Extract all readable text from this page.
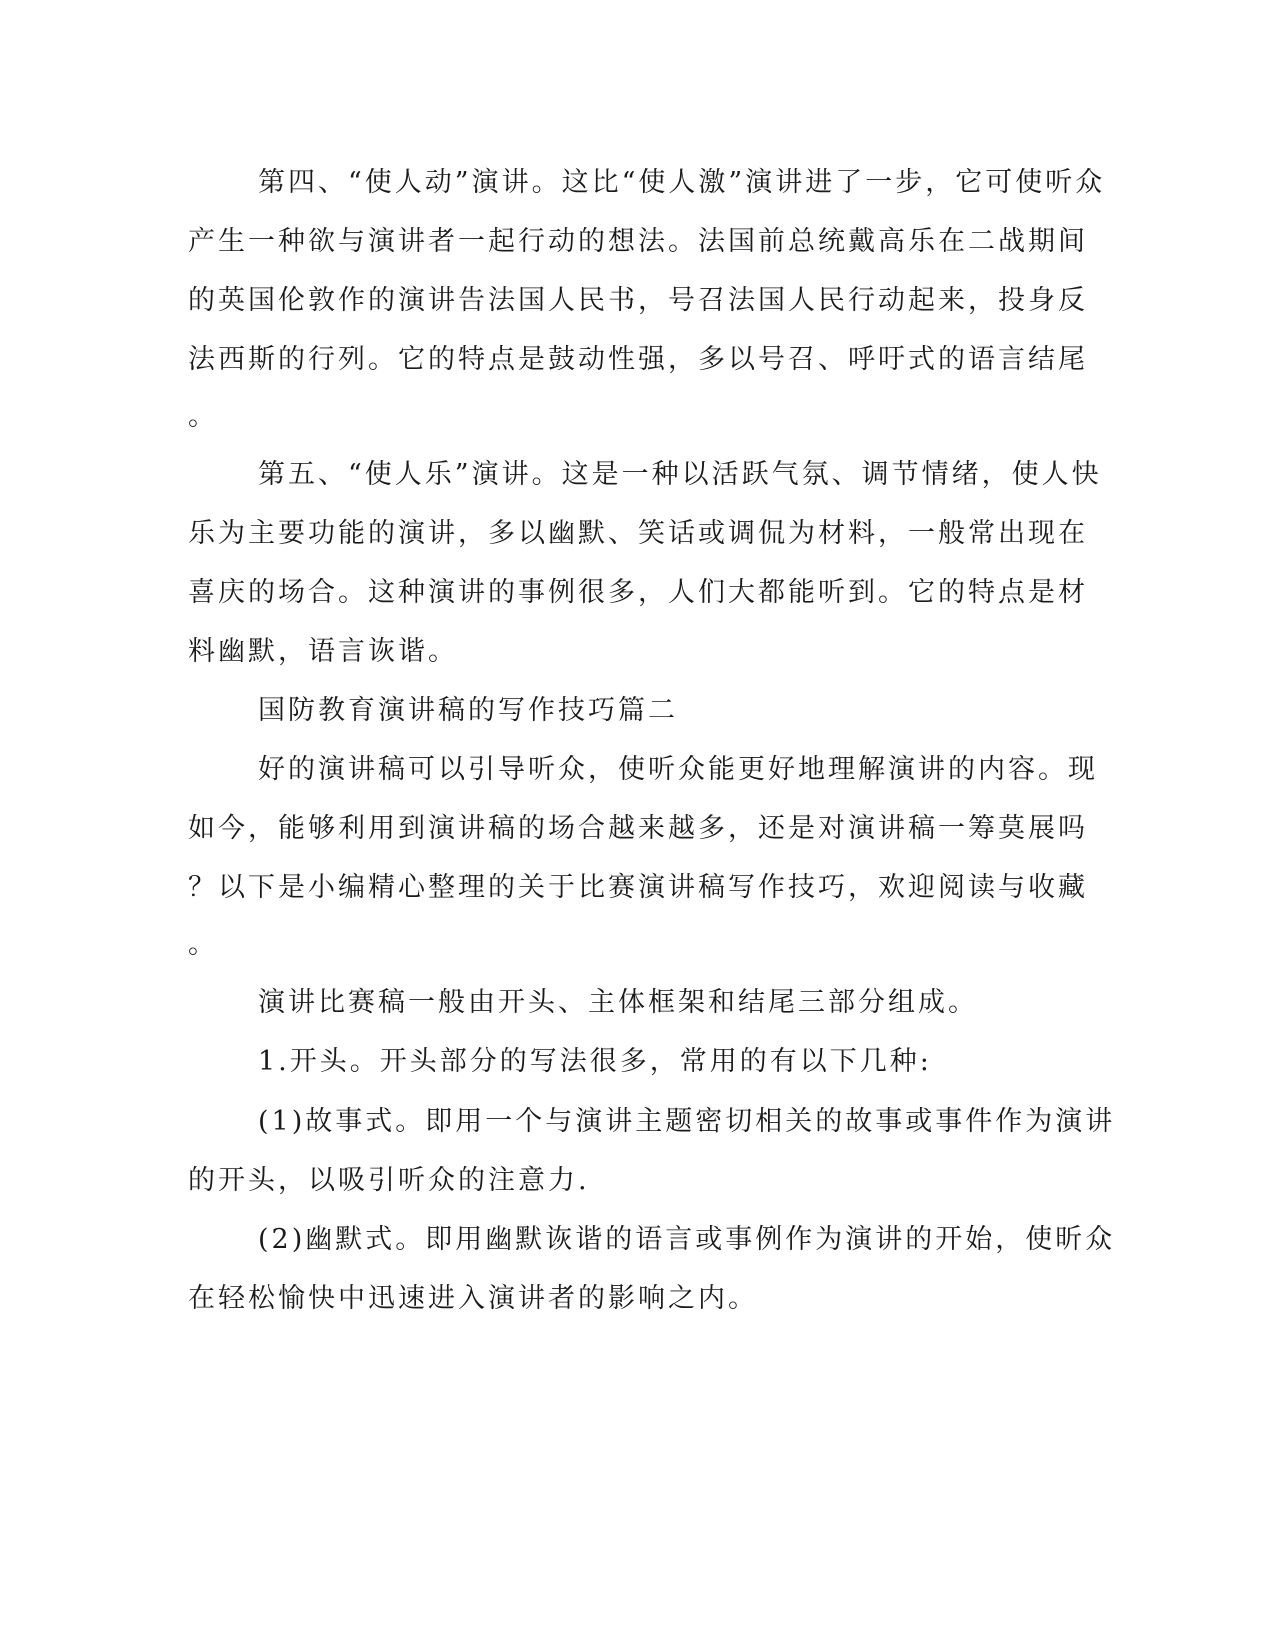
第四、“使人动”演讲。这比“使人激”演讲进了一步，它可使听众
产生一种欲与演讲者一起行动的想法。法国前总统戴高乐在二战期间
的英国伦敦作的演讲告法国人民书，号召法国人民行动起来，投身反
法西斯的行列。它的特点是鼓动性强，多以号召、呼吁式的语言结尾
。
第五、“使人乐”演讲。这是一种以活跃气氛、调节情绪，使人快
乐为主要功能的演讲，多以幽默、笑话或调侃为材料，一般常出现在
喜庆的场合。这种演讲的事例很多，人们大都能听到。它的特点是材
料幽默，语言诙谐。
国防教育演讲稿的写作技巧篇二
好的演讲稿可以引导听众，使听众能更好地理解演讲的内容。现
如今，能够利用到演讲稿的场合越来越多，还是对演讲稿一筹莫展吗
？以下是小编精心整理的关于比赛演讲稿写作技巧，欢迎阅读与收藏
。
演讲比赛稿一般由开头、主体框架和结尾三部分组成。
1.开头。开头部分的写法很多，常用的有以下几种:
(1)故事式。即用一个与演讲主题密切相关的故事或事件作为演讲
的开头，以吸引听众的注意力.
(2)幽默式。即用幽默诙谐的语言或事例作为演讲的开始，使昕众
在轻松愉快中迅速进入演讲者的影响之内。
